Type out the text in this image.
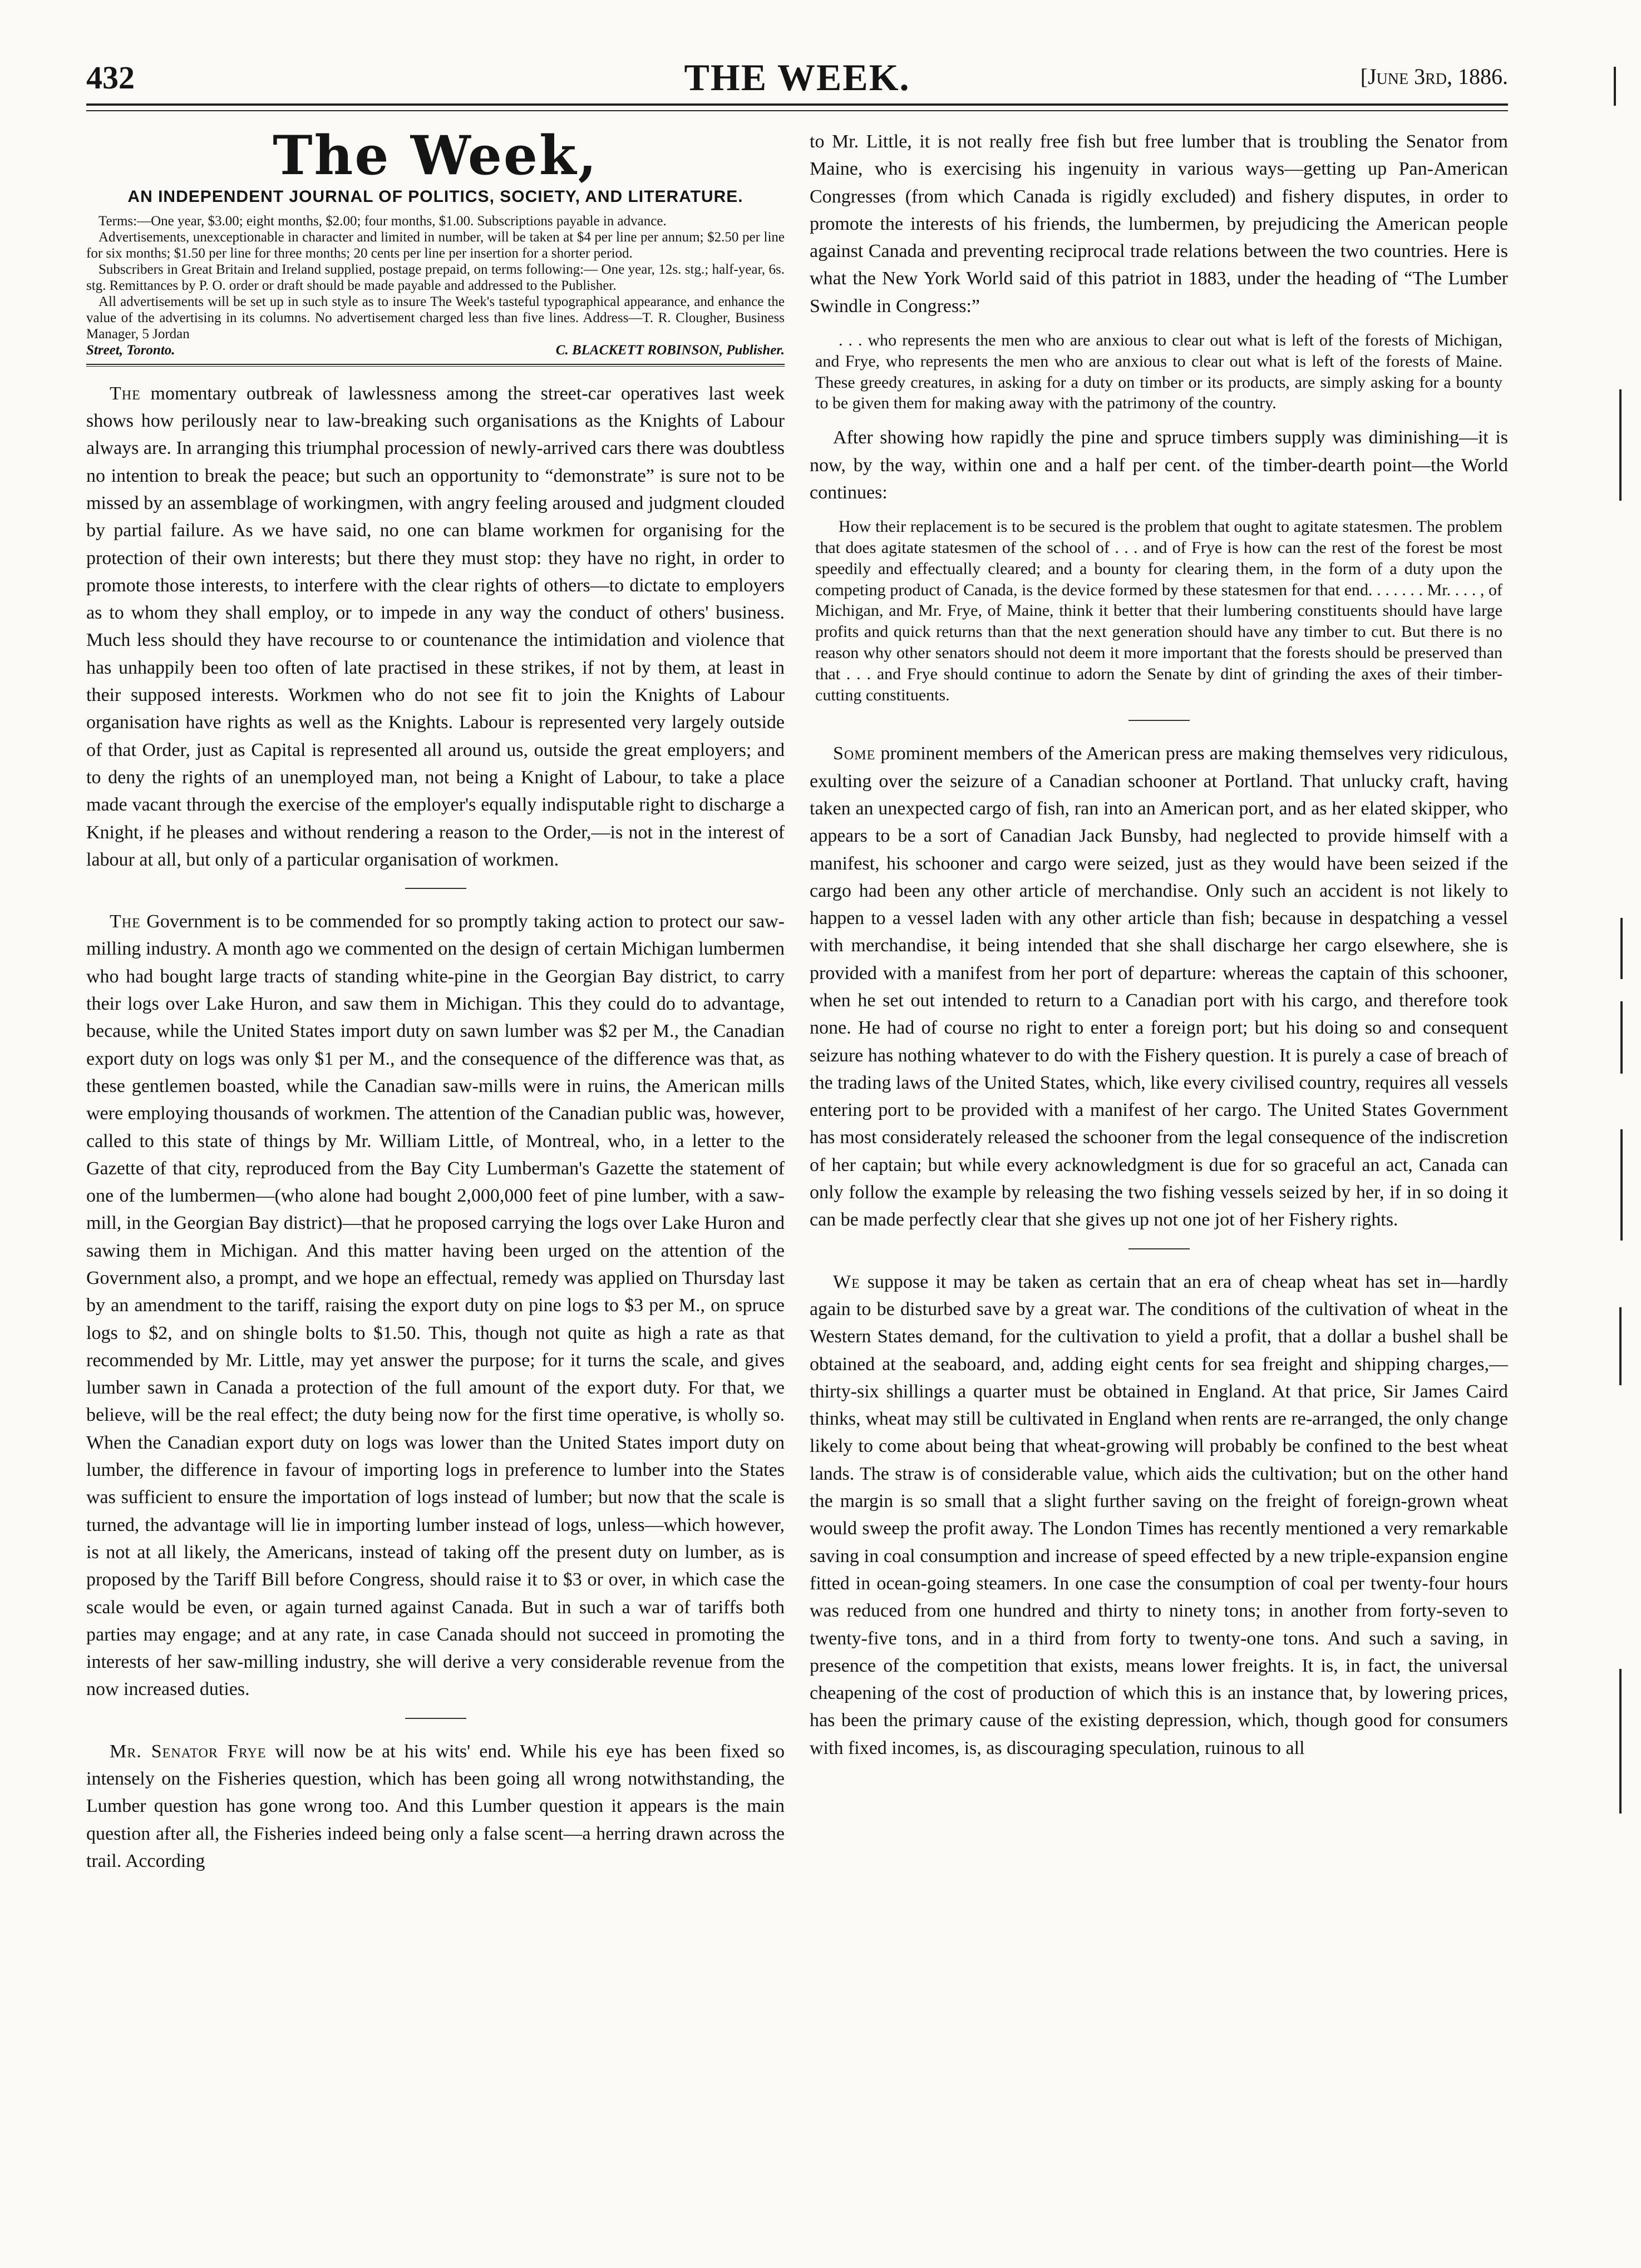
432	THE WEEK.	[June 3rd, 1886.
The Week,
AN INDEPENDENT JOURNAL OF POLITICS, SOCIETY, AND LITERATURE.

Terms:—One year, $3.00; eight months, $2.00; four months, $1.00. Subscriptions payable in advance.

Advertisements, unexceptionable in character and limited in number, will be taken at $4 per line per annum; $2.50 per line for six months; $1.50 per line for three months; 20 cents per line per insertion for a shorter period.

Subscribers in Great Britain and Ireland supplied, postage prepaid, on terms following:— One year, 12s. stg.; half-year, 6s. stg. Remittances by P. O. order or draft should be made payable and addressed to the Publisher.

All advertisements will be set up in such style as to insure The Week's tasteful typographical appearance, and enhance the value of the advertising in its columns. No advertisement charged less than five lines. Address—T. R. Clougher, Business Manager, 5 Jordan

Street, Toronto.	C. BLACKETT ROBINSON, Publisher.

The momentary outbreak of lawlessness among the street-car operatives last week shows how perilously near to law-breaking such organisations as the Knights of Labour always are. In arranging this triumphal procession of newly-arrived cars there was doubtless no intention to break the peace; but such an opportunity to “demonstrate” is sure not to be missed by an assemblage of workingmen, with angry feeling aroused and judgment clouded by partial failure. As we have said, no one can blame workmen for organising for the protection of their own interests; but there they must stop: they have no right, in order to promote those interests, to interfere with the clear rights of others—to dictate to employers as to whom they shall employ, or to impede in any way the conduct of others' business. Much less should they have recourse to or countenance the intimidation and violence that has unhappily been too often of late practised in these strikes, if not by them, at least in their supposed interests. Workmen who do not see fit to join the Knights of Labour organisation have rights as well as the Knights. Labour is represented very largely outside of that Order, just as Capital is represented all around us, outside the great employers; and to deny the rights of an unemployed man, not being a Knight of Labour, to take a place made vacant through the exercise of the employer's equally indisputable right to discharge a Knight, if he pleases and without rendering a reason to the Order,—is not in the interest of labour at all, but only of a particular organisation of workmen.

The Government is to be commended for so promptly taking action to protect our saw-milling industry. A month ago we commented on the design of certain Michigan lumbermen who had bought large tracts of standing white-pine in the Georgian Bay district, to carry their logs over Lake Huron, and saw them in Michigan. This they could do to advantage, because, while the United States import duty on sawn lumber was $2 per M., the Canadian export duty on logs was only $1 per M., and the consequence of the difference was that, as these gentlemen boasted, while the Canadian saw-mills were in ruins, the American mills were employing thousands of workmen. The attention of the Canadian public was, however, called to this state of things by Mr. William Little, of Montreal, who, in a letter to the Gazette of that city, reproduced from the Bay City Lumberman's Gazette the statement of one of the lumbermen—(who alone had bought 2,000,000 feet of pine lumber, with a saw-mill, in the Georgian Bay district)—that he proposed carrying the logs over Lake Huron and sawing them in Michigan. And this matter having been urged on the attention of the Government also, a prompt, and we hope an effectual, remedy was applied on Thursday last by an amendment to the tariff, raising the export duty on pine logs to $3 per M., on spruce logs to $2, and on shingle bolts to $1.50. This, though not quite as high a rate as that recommended by Mr. Little, may yet answer the purpose; for it turns the scale, and gives lumber sawn in Canada a protection of the full amount of the export duty. For that, we believe, will be the real effect; the duty being now for the first time operative, is wholly so. When the Canadian export duty on logs was lower than the United States import duty on lumber, the difference in favour of importing logs in preference to lumber into the States was sufficient to ensure the importation of logs instead of lumber; but now that the scale is turned, the advantage will lie in importing lumber instead of logs, unless—which however, is not at all likely, the Americans, instead of taking off the present duty on lumber, as is proposed by the Tariff Bill before Congress, should raise it to $3 or over, in which case the scale would be even, or again turned against Canada. But in such a war of tariffs both parties may engage; and at any rate, in case Canada should not succeed in promoting the interests of her saw-milling industry, she will derive a very considerable revenue from the now increased duties.

Mr. Senator Frye will now be at his wits' end. While his eye has been fixed so intensely on the Fisheries question, which has been going all wrong notwithstanding, the Lumber question has gone wrong too. And this Lumber question it appears is the main question after all, the Fisheries indeed being only a false scent—a herring drawn across the trail. According

to Mr. Little, it is not really free fish but free lumber that is troubling the Senator from Maine, who is exercising his ingenuity in various ways—getting up Pan-American Congresses (from which Canada is rigidly excluded) and fishery disputes, in order to promote the interests of his friends, the lumbermen, by prejudicing the American people against Canada and preventing reciprocal trade relations between the two countries. Here is what the New York World said of this patriot in 1883, under the heading of “The Lumber Swindle in Congress:”

. . . who represents the men who are anxious to clear out what is left of the forests of Michigan, and Frye, who represents the men who are anxious to clear out what is left of the forests of Maine. These greedy creatures, in asking for a duty on timber or its products, are simply asking for a bounty to be given them for making away with the patrimony of the country.

After showing how rapidly the pine and spruce timbers supply was diminishing—it is now, by the way, within one and a half per cent. of the timber-dearth point—the World continues:

How their replacement is to be secured is the problem that ought to agitate statesmen. The problem that does agitate statesmen of the school of . . . and of Frye is how can the rest of the forest be most speedily and effectually cleared; and a bounty for clearing them, in the form of a duty upon the competing product of Canada, is the device formed by these statesmen for that end. . . . . . . Mr. . . . , of Michigan, and Mr. Frye, of Maine, think it better that their lumbering constituents should have large profits and quick returns than that the next generation should have any timber to cut. But there is no reason why other senators should not deem it more important that the forests should be preserved than that . . . and Frye should continue to adorn the Senate by dint of grinding the axes of their timber-cutting constituents.

Some prominent members of the American press are making themselves very ridiculous, exulting over the seizure of a Canadian schooner at Portland. That unlucky craft, having taken an unexpected cargo of fish, ran into an American port, and as her elated skipper, who appears to be a sort of Canadian Jack Bunsby, had neglected to provide himself with a manifest, his schooner and cargo were seized, just as they would have been seized if the cargo had been any other article of merchandise. Only such an accident is not likely to happen to a vessel laden with any other article than fish; because in despatching a vessel with merchandise, it being intended that she shall discharge her cargo elsewhere, she is provided with a manifest from her port of departure: whereas the captain of this schooner, when he set out intended to return to a Canadian port with his cargo, and therefore took none. He had of course no right to enter a foreign port; but his doing so and consequent seizure has nothing whatever to do with the Fishery question. It is purely a case of breach of the trading laws of the United States, which, like every civilised country, requires all vessels entering port to be provided with a manifest of her cargo. The United States Government has most considerately released the schooner from the legal consequence of the indiscretion of her captain; but while every acknowledgment is due for so graceful an act, Canada can only follow the example by releasing the two fishing vessels seized by her, if in so doing it can be made perfectly clear that she gives up not one jot of her Fishery rights.

We suppose it may be taken as certain that an era of cheap wheat has set in—hardly again to be disturbed save by a great war. The conditions of the cultivation of wheat in the Western States demand, for the cultivation to yield a profit, that a dollar a bushel shall be obtained at the seaboard, and, adding eight cents for sea freight and shipping charges,—thirty-six shillings a quarter must be obtained in England. At that price, Sir James Caird thinks, wheat may still be cultivated in England when rents are re-arranged, the only change likely to come about being that wheat-growing will probably be confined to the best wheat lands. The straw is of considerable value, which aids the cultivation; but on the other hand the margin is so small that a slight further saving on the freight of foreign-grown wheat would sweep the profit away. The London Times has recently mentioned a very remarkable saving in coal consumption and increase of speed effected by a new triple-expansion engine fitted in ocean-going steamers. In one case the consumption of coal per twenty-four hours was reduced from one hundred and thirty to ninety tons; in another from forty-seven to twenty-five tons, and in a third from forty to twenty-one tons. And such a saving, in presence of the competition that exists, means lower freights. It is, in fact, the universal cheapening of the cost of production of which this is an instance that, by lowering prices, has been the primary cause of the existing depression, which, though good for consumers with fixed incomes, is, as discouraging speculation, ruinous to all
